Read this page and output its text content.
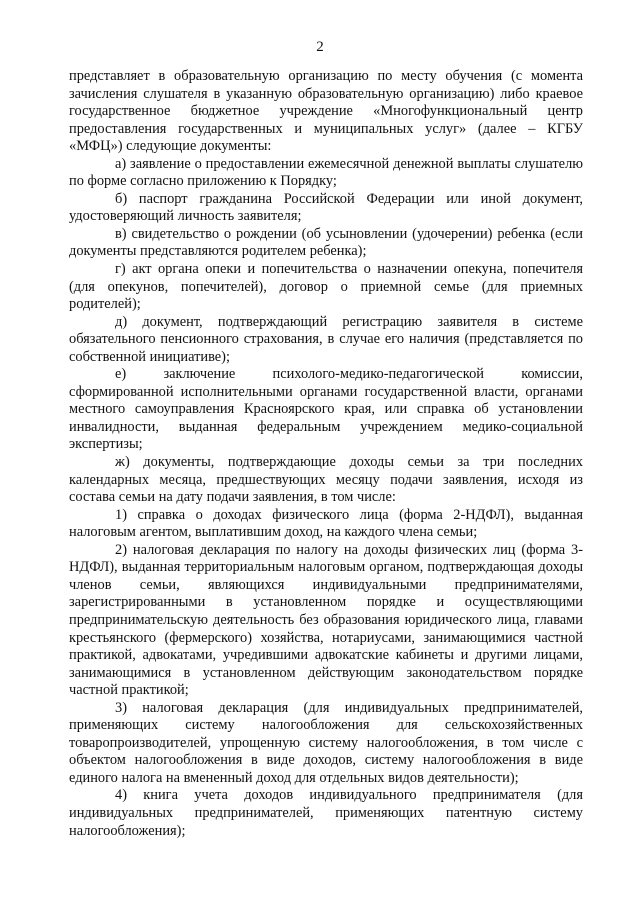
2

представляет в образовательную организацию по месту обучения (с момента зачисления слушателя в указанную образовательную организацию) либо краевое государственное бюджетное учреждение «Многофункциональный центр предоставления государственных и муниципальных услуг» (далее – КГБУ «МФЦ») следующие документы:

а) заявление о предоставлении ежемесячной денежной выплаты слушателю по форме согласно приложению к Порядку;

б) паспорт гражданина Российской Федерации или иной документ, удостоверяющий личность заявителя;

в) свидетельство о рождении (об усыновлении (удочерении) ребенка (если документы представляются родителем ребенка);

г) акт органа опеки и попечительства о назначении опекуна, попечителя (для опекунов, попечителей), договор о приемной семье (для приемных родителей);

д) документ, подтверждающий регистрацию заявителя в системе обязательного пенсионного страхования, в случае его наличия (представляется по собственной инициативе);

е) заключение психолого-медико-педагогической комиссии, сформированной исполнительными органами государственной власти, органами местного самоуправления Красноярского края, или справка об установлении инвалидности, выданная федеральным учреждением медико-социальной экспертизы;

ж) документы, подтверждающие доходы семьи за три последних календарных месяца, предшествующих месяцу подачи заявления, исходя из состава семьи на дату подачи заявления, в том числе:

1) справка о доходах физического лица (форма 2-НДФЛ), выданная налоговым агентом, выплатившим доход, на каждого члена семьи;

2) налоговая декларация по налогу на доходы физических лиц (форма 3-НДФЛ), выданная территориальным налоговым органом, подтверждающая доходы членов семьи, являющихся индивидуальными предпринимателями, зарегистрированными в установленном порядке и осуществляющими предпринимательскую деятельность без образования юридического лица, главами крестьянского (фермерского) хозяйства, нотариусами, занимающимися частной практикой, адвокатами, учредившими адвокатские кабинеты и другими лицами, занимающимися в установленном действующим законодательством порядке частной практикой;

3) налоговая декларация (для индивидуальных предпринимателей, применяющих систему налогообложения для сельскохозяйственных товаропроизводителей, упрощенную систему налогообложения, в том числе с объектом налогообложения в виде доходов, систему налогообложения в виде единого налога на вмененный доход для отдельных видов деятельности);

4) книга учета доходов индивидуального предпринимателя (для индивидуальных предпринимателей, применяющих патентную систему налогообложения);
